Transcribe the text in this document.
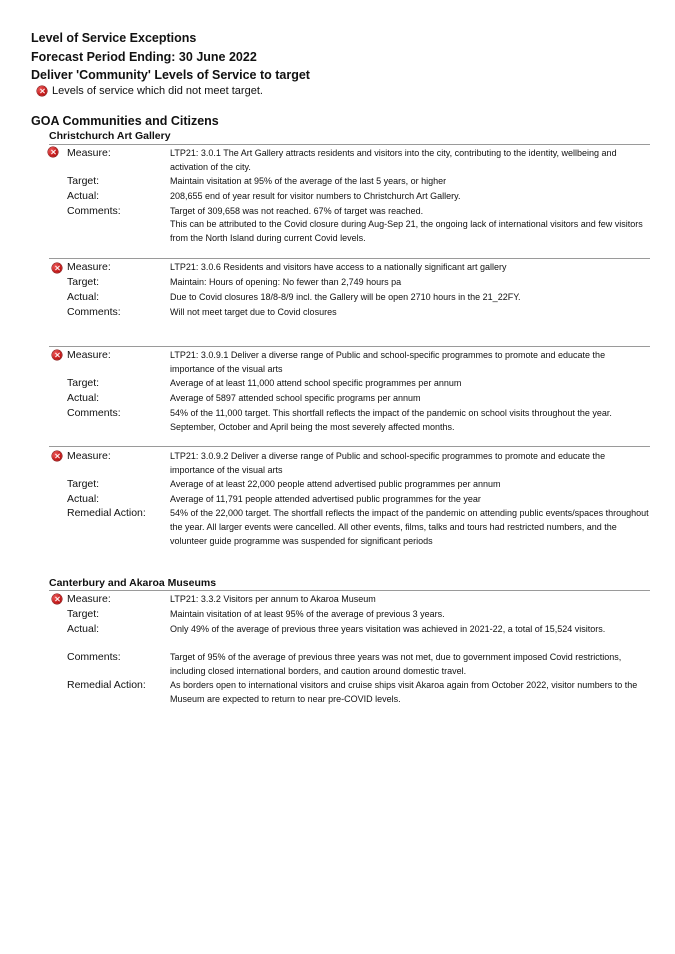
Level of Service Exceptions
Forecast Period Ending: 30 June 2022
Deliver 'Community' Levels of Service to target
Levels of service which did not meet target.
GOA Communities and Citizens
Christchurch Art Gallery
Measure:	LTP21: 3.0.1 The Art Gallery attracts residents and visitors into the city, contributing to the identity, wellbeing and activation of the city.
Target:	Maintain visitation at 95% of the average of the last 5 years, or higher
Actual:	208,655 end of year result for visitor numbers to Christchurch Art Gallery.
Comments:	Target of 309,658 was not reached. 67% of target was reached.
This can be attributed to the Covid closure during Aug-Sep 21, the ongoing lack of international visitors and few visitors from the North Island during current Covid levels.
Measure:	LTP21: 3.0.6 Residents and visitors have access to a nationally significant art gallery
Target:	Maintain: Hours of opening: No fewer than 2,749 hours pa
Actual:	Due to Covid closures 18/8-8/9 incl. the Gallery will be open 2710 hours in the 21_22FY.
Comments:	Will not meet target due to Covid closures
Measure:	LTP21: 3.0.9.1 Deliver a diverse range of Public and school-specific programmes to promote and educate the importance of the visual arts
Target:	Average of at least 11,000 attend school specific programmes per annum
Actual:	Average of 5897 attended school specific programs per annum
Comments:	54% of the 11,000 target. This shortfall reflects the impact of the pandemic on school visits throughout the year. September, October and April being the most severely affected months.
Measure:	LTP21: 3.0.9.2 Deliver a diverse range of Public and school-specific programmes to promote and educate the importance of the visual arts
Target:	Average of at least 22,000 people attend advertised public programmes per annum
Actual:	Average of 11,791 people attended advertised public programmes for the year
Remedial Action:	54% of the 22,000 target. The shortfall reflects the impact of the pandemic on attending public events/spaces throughout the year. All larger events were cancelled. All other events, films, talks and tours had restricted numbers, and the volunteer guide programme was suspended for significant periods
Canterbury and Akaroa Museums
Measure:	LTP21: 3.3.2 Visitors per annum to Akaroa Museum
Target:	Maintain visitation of at least 95% of the average of previous 3 years.
Actual:	Only 49% of the average of previous three years visitation was achieved in 2021-22, a total of 15,524 visitors.
Comments:	Target of 95% of the average of previous three years was not met, due to government imposed Covid restrictions, including closed international borders, and caution around domestic travel.
Remedial Action:	As borders open to international visitors and cruise ships visit Akaroa again from October 2022, visitor numbers to the Museum are expected to return to near pre-COVID levels.
